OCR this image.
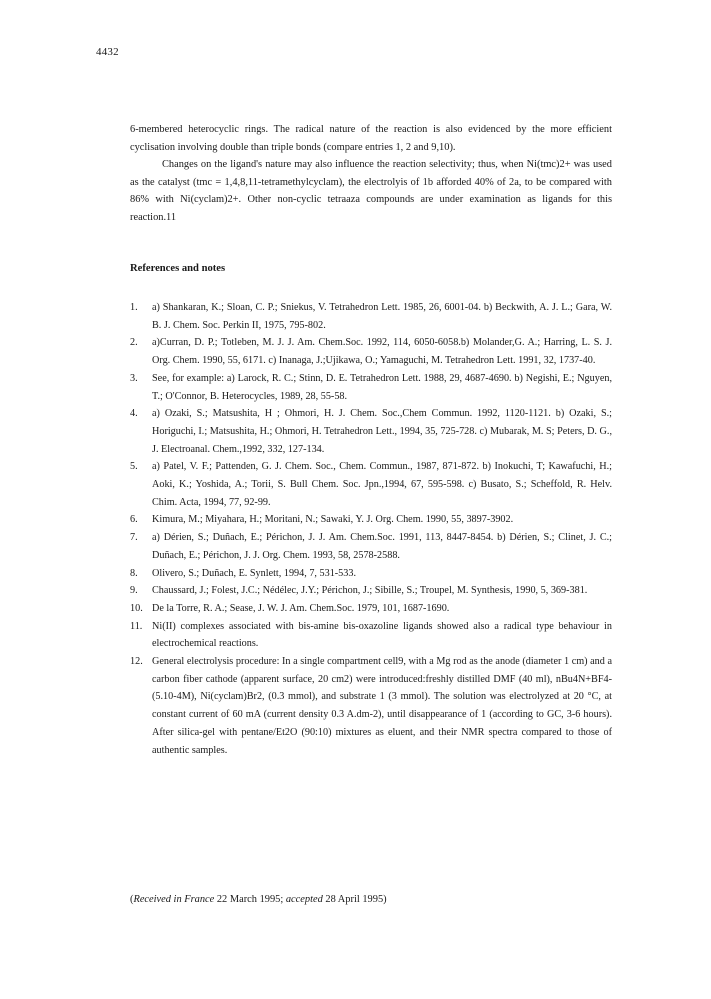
4432

6-membered heterocyclic rings. The radical nature of the reaction is also evidenced by the more efficient cyclisation involving double than triple bonds (compare entries 1, 2 and 9,10).

Changes on the ligand's nature may also influence the reaction selectivity; thus, when Ni(tmc)2+ was used as the catalyst (tmc = 1,4,8,11-tetramethylcyclam), the electrolyis of 1b afforded 40% of 2a, to be compared with 86% with Ni(cyclam)2+. Other non-cyclic tetraaza compounds are under examination as ligands for this reaction.11

References and notes
1. a) Shankaran, K.; Sloan, C. P.; Sniekus, V. Tetrahedron Lett. 1985, 26, 6001-04. b) Beckwith, A. J. L.; Gara, W. B. J. Chem. Soc. Perkin II, 1975, 795-802.
2. a)Curran, D. P.; Totleben, M. J. J. Am. Chem.Soc. 1992, 114, 6050-6058.b) Molander,G. A.; Harring, L. S. J. Org. Chem. 1990, 55, 6171. c) Inanaga, J.;Ujikawa, O.; Yamaguchi, M. Tetrahedron Lett. 1991, 32, 1737-40.
3. See, for example: a) Larock, R. C.; Stinn, D. E. Tetrahedron Lett. 1988, 29, 4687-4690. b) Negishi, E.; Nguyen, T.; O'Connor, B. Heterocycles, 1989, 28, 55-58.
4. a) Ozaki, S.; Matsushita, H ; Ohmori, H. J. Chem. Soc.,Chem Commun. 1992, 1120-1121. b) Ozaki, S.; Horiguchi, I.; Matsushita, H.; Ohmori, H. Tetrahedron Lett., 1994, 35, 725-728. c) Mubarak, M. S; Peters, D. G., J. Electroanal. Chem.,1992, 332, 127-134.
5. a) Patel, V. F.; Pattenden, G. J. Chem. Soc., Chem. Commun., 1987, 871-872. b) Inokuchi, T; Kawafuchi, H.; Aoki, K.; Yoshida, A.; Torii, S. Bull Chem. Soc. Jpn.,1994, 67, 595-598. c) Busato, S.; Scheffold, R. Helv. Chim. Acta, 1994, 77, 92-99.
6. Kimura, M.; Miyahara, H.; Moritani, N.; Sawaki, Y. J. Org. Chem. 1990, 55, 3897-3902.
7. a) Dérien, S.; Duñach, E.; Périchon, J. J. Am. Chem.Soc. 1991, 113, 8447-8454. b) Dérien, S.; Clinet, J. C.; Duñach, E.; Périchon, J. J. Org. Chem. 1993, 58, 2578-2588.
8. Olivero, S.; Duñach, E. Synlett, 1994, 7, 531-533.
9. Chaussard, J.; Folest, J.C.; Nédélec, J.Y.; Périchon, J.; Sibille, S.; Troupel, M. Synthesis, 1990, 5, 369-381.
10. De la Torre, R. A.; Sease, J. W. J. Am. Chem.Soc. 1979, 101, 1687-1690.
11. Ni(II) complexes associated with bis-amine bis-oxazoline ligands showed also a radical type behaviour in electrochemical reactions.
12. General electrolysis procedure: In a single compartment cell9, with a Mg rod as the anode (diameter 1 cm) and a carbon fiber cathode (apparent surface, 20 cm2) were introduced:freshly distilled DMF (40 ml), nBu4N+BF4- (5.10-4M), Ni(cyclam)Br2, (0.3 mmol), and substrate 1 (3 mmol). The solution was electrolyzed at 20 °C, at constant current of 60 mA (current density 0.3 A.dm-2), until disappearance of 1 (according to GC, 3-6 hours). After silica-gel with pentane/Et2O (90:10) mixtures as eluent, and their NMR spectra compared to those of authentic samples.
(Received in France 22 March 1995; accepted 28 April 1995)
